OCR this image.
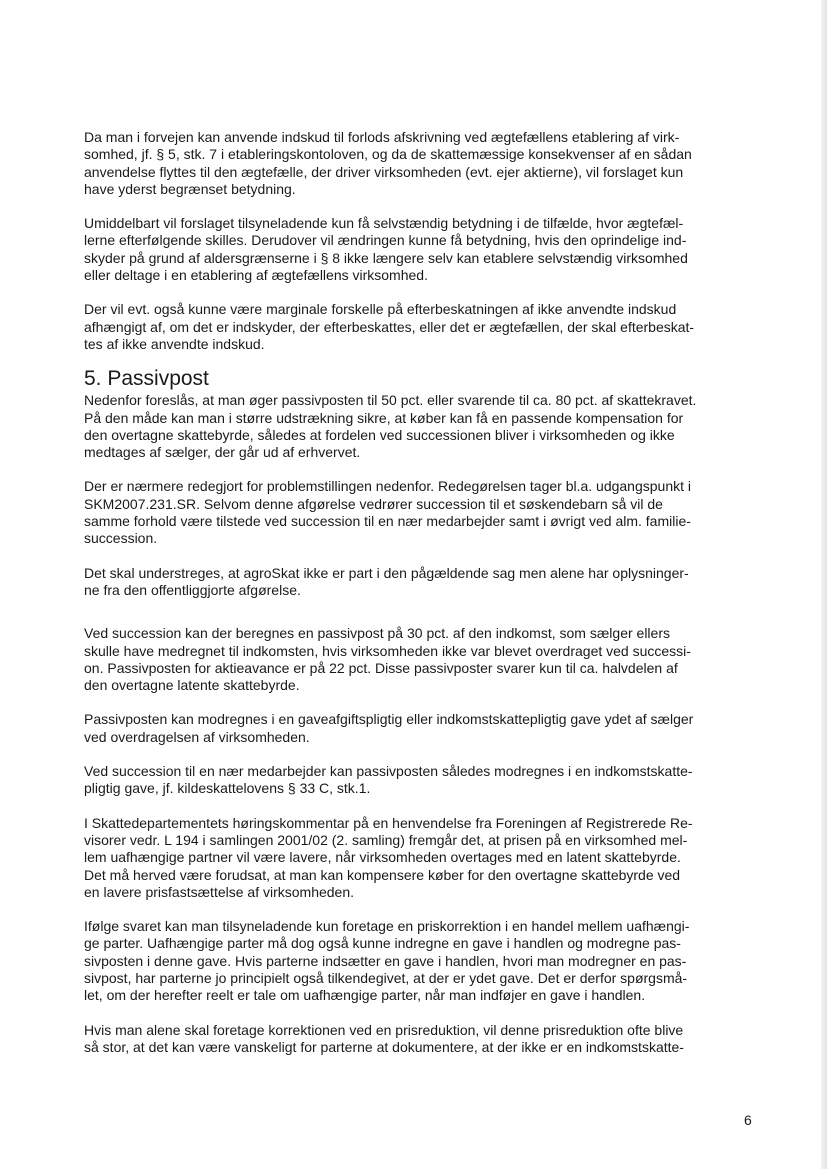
Da man i forvejen kan anvende indskud til forlods afskrivning ved ægtefællens etablering af virk-
somhed, jf. § 5, stk. 7 i etableringskontoloven, og da de skattemæssige konsekvenser af en sådan
anvendelse flyttes til den ægtefælle, der driver virksomheden (evt. ejer aktierne), vil forslaget kun
have yderst begrænset betydning.

Umiddelbart vil forslaget tilsyneladende kun få selvstændig betydning i de tilfælde, hvor ægtefæl-
lerne efterfølgende skilles. Derudover vil ændringen kunne få betydning, hvis den oprindelige ind-
skyder på grund af aldersgrænserne i § 8 ikke længere selv kan etablere selvstændig virksomhed
eller deltage i en etablering af ægtefællens virksomhed.

Der vil evt. også kunne være marginale forskelle på efterbeskatningen af ikke anvendte indskud
afhængigt af, om det er indskyder, der efterbeskattes, eller det er ægtefællen, der skal efterbeskat-
tes af ikke anvendte indskud.

5. Passivpost

Nedenfor foreslås, at man øger passivposten til 50 pct. eller svarende til ca. 80 pct. af skattekravet.
På den måde kan man i større udstrækning sikre, at køber kan få en passende kompensation for
den overtagne skattebyrde, således at fordelen ved successionen bliver i virksomheden og ikke
medtages af sælger, der går ud af erhvervet.

Der er nærmere redegjort for problemstillingen nedenfor. Redegørelsen tager bl.a. udgangspunkt i
SKM2007.231.SR. Selvom denne afgørelse vedrører succession til et søskendebarn så vil de
samme forhold være tilstede ved succession til en nær medarbejder samt i øvrigt ved alm. familie-
succession.

Det skal understreges, at agroSkat ikke er part i den pågældende sag men alene har oplysninger-
ne fra den offentliggjorte afgørelse.

Ved succession kan der beregnes en passivpost på 30 pct. af den indkomst, som sælger ellers
skulle have medregnet til indkomsten, hvis virksomheden ikke var blevet overdraget ved successi-
on. Passivposten for aktieavance er på 22 pct. Disse passivposter svarer kun til ca. halvdelen af
den overtagne latente skattebyrde.

Passivposten kan modregnes i en gaveafgiftspligtig eller indkomstskattepligtig gave ydet af sælger
ved overdragelsen af virksomheden.

Ved succession til en nær medarbejder kan passivposten således modregnes i en indkomstskatte-
pligtig gave, jf. kildeskattelovens § 33 C, stk.1.

I Skattedepartementets høringskommentar på en henvendelse fra Foreningen af Registrerede Re-
visorer vedr. L 194 i samlingen 2001/02 (2. samling) fremgår det, at prisen på en virksomhed mel-
lem uafhængige partner vil være lavere, når virksomheden overtages med en latent skattebyrde.
Det må herved være forudsat, at man kan kompensere køber for den overtagne skattebyrde ved
en lavere prisfastsættelse af virksomheden.

Ifølge svaret kan man tilsyneladende kun foretage en priskorrektion i en handel mellem uafhængi-
ge parter. Uafhængige parter må dog også kunne indregne en gave i handlen og modregne pas-
sivposten i denne gave. Hvis parterne indsætter en gave i handlen, hvori man modregner en pas-
sivpost, har parterne jo principielt også tilkendegivet, at der er ydet gave. Det er derfor spørgsmå-
let, om der herefter reelt er tale om uafhængige parter, når man indføjer en gave i handlen.

Hvis man alene skal foretage korrektionen ved en prisreduktion, vil denne prisreduktion ofte blive
så stor, at det kan være vanskeligt for parterne at dokumentere, at der ikke er en indkomstskatte-

6
